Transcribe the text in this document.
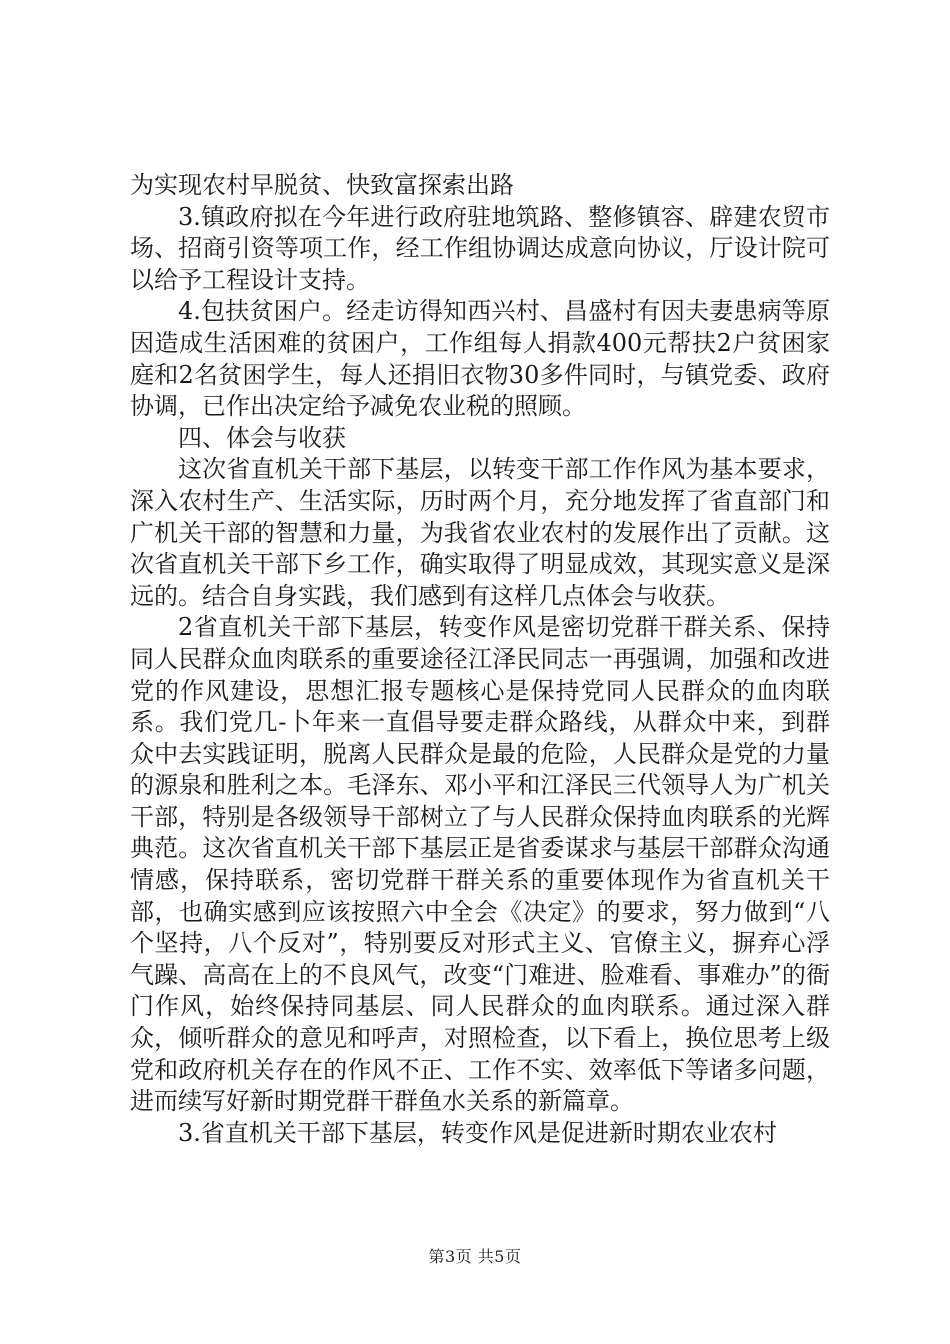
为实现农村早脱贫、快致富探索出路

3.镇政府拟在今年进行政府驻地筑路、整修镇容、辟建农贸市场、招商引资等项工作，经工作组协调达成意向协议，厅设计院可以给予工程设计支持。

4.包扶贫困户。经走访得知西兴村、昌盛村有因夫妻患病等原因造成生活困难的贫困户，工作组每人捐款400元帮扶2户贫困家庭和2名贫困学生，每人还捐旧衣物30多件同时，与镇党委、政府协调，已作出决定给予减免农业税的照顾。

四、体会与收获

这次省直机关干部下基层，以转变干部工作作风为基本要求，深入农村生产、生活实际，历时两个月，充分地发挥了省直部门和广机关干部的智慧和力量，为我省农业农村的发展作出了贡献。这次省直机关干部下乡工作，确实取得了明显成效，其现实意义是深远的。结合自身实践，我们感到有这样几点体会与收获。

2省直机关干部下基层，转变作风是密切党群干群关系、保持同人民群众血肉联系的重要途径江泽民同志一再强调，加强和改进党的作风建设，思想汇报专题核心是保持党同人民群众的血肉联系。我们党几-卜年来一直倡导要走群众路线，从群众中来，到群众中去实践证明，脱离人民群众是最的危险，人民群众是党的力量的源泉和胜利之本。毛泽东、邓小平和江泽民三代领导人为广机关干部，特别是各级领导干部树立了与人民群众保持血肉联系的光辉典范。这次省直机关干部下基层正是省委谋求与基层干部群众沟通情感，保持联系，密切党群干群关系的重要体现作为省直机关干部，也确实感到应该按照六中全会《决定》的要求，努力做到“八个坚持，八个反对”，特别要反对形式主义、官僚主义，摒弃心浮气躁、高高在上的不良风气，改变“门难进、脸难看、事难办”的衙门作风，始终保持同基层、同人民群众的血肉联系。通过深入群众，倾听群众的意见和呼声，对照检查，以下看上，换位思考上级党和政府机关存在的作风不正、工作不实、效率低下等诸多问题，进而续写好新时期党群干群鱼水关系的新篇章。

3.省直机关干部下基层，转变作风是促进新时期农业农村

第3页 共5页
